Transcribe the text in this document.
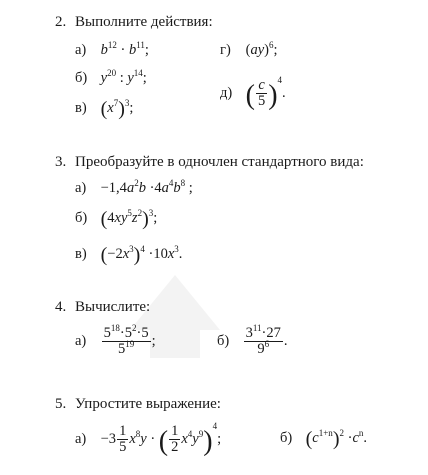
2. Выполните действия:
а) $b^{12} \cdot b^{11}$;
б) $y^{20}$ : $y^{14}$;
в) $(x^7)^3$;
г) (ay)$^6$;
д) ( $\frac{c}{5} )^4$.
3. Преобразуйте в одночлен стандартного вида:
$а) -1,4a^2b \cdot 4a^4b^8$ ;
б) $(4xy^5z^2)^3$;
в) $(-2x^3)^4 \cdot 10x^3$.
4. Вычислите:
$а) \frac{5^{18}\cdot 5^2\cdot 5}{5^{19}}$ ;	$б) \frac{3^{11}\cdot 27}{9^6}$ .
5. Упростите выражение:
$а) -3 \frac{1}{5} x^8y$ · ( $\frac{1}{2} x^4y^9)^4$;	б) $(c^{1+n})^2 \cdot c^n$.
